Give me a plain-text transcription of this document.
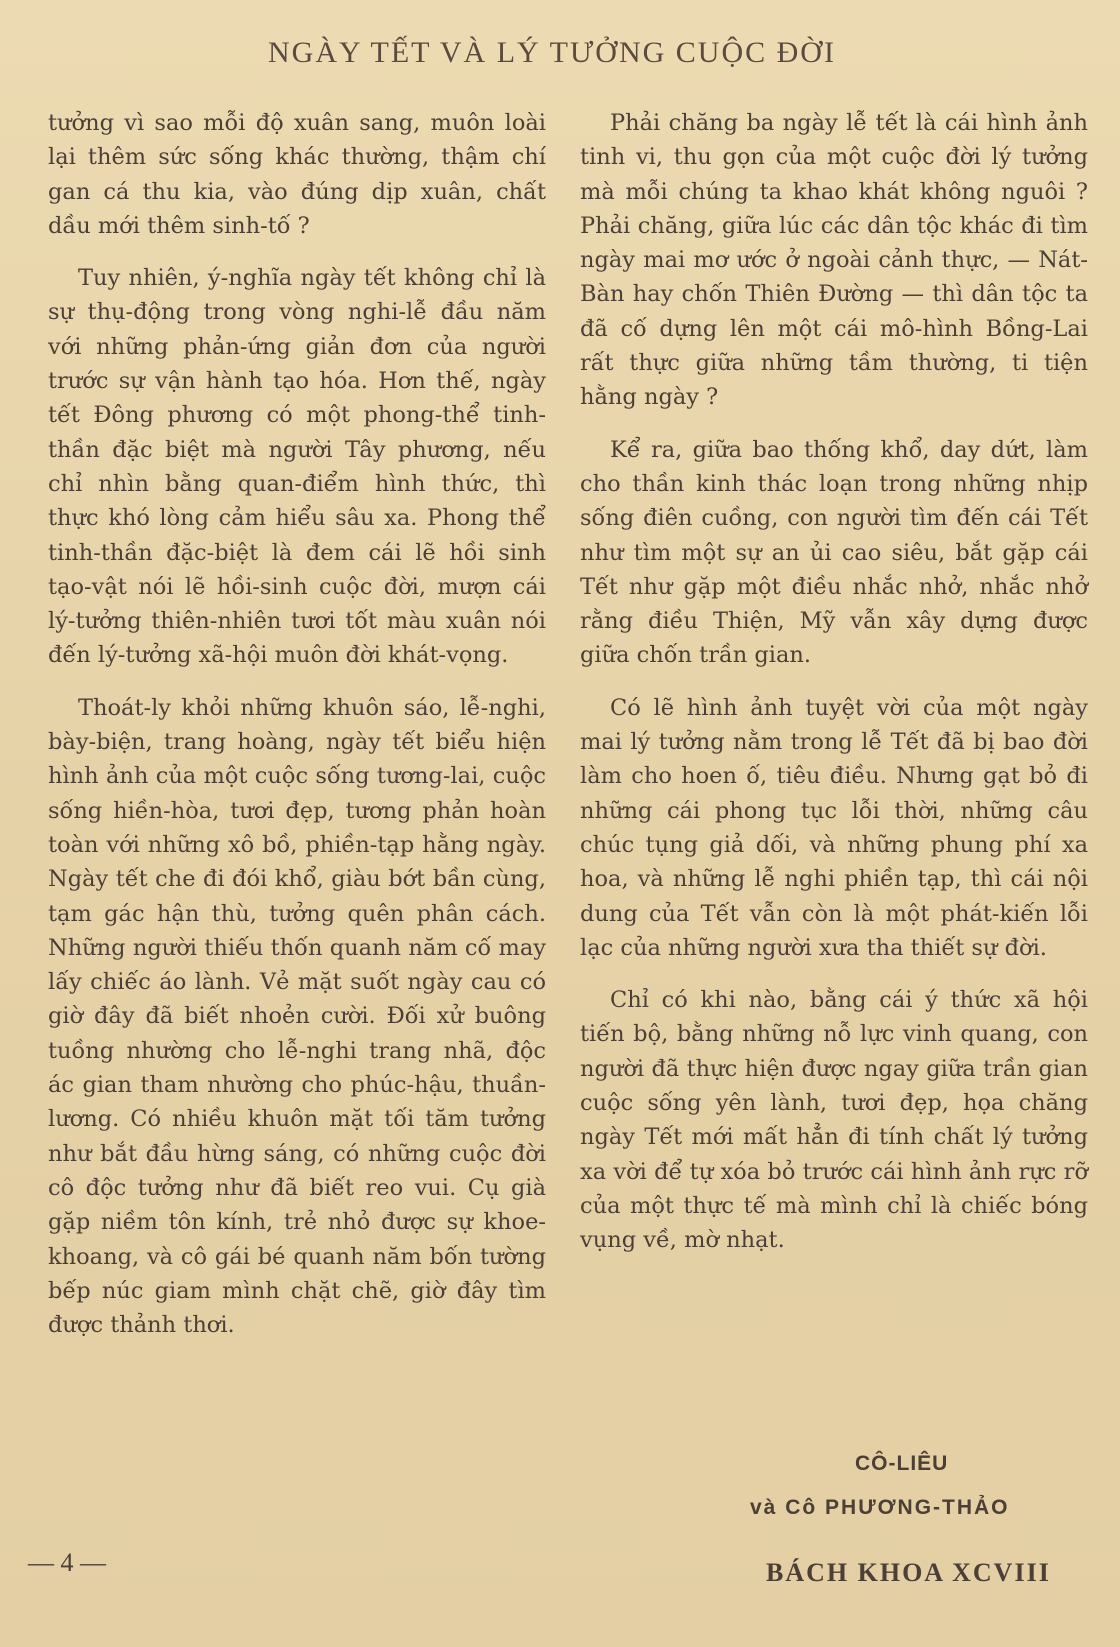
NGÀY TẾT VÀ LÝ TƯỞNG CUỘC ĐỜI

tưởng vì sao mỗi độ xuân sang, muôn loài lại thêm sức sống khác thường, thậm chí gan cá thu kia, vào đúng dịp xuân, chất dầu mới thêm sinh-tố ?

Tuy nhiên, ý-nghĩa ngày tết không chỉ là sự thụ-động trong vòng nghi-lễ đầu năm với những phản-ứng giản đơn của người trước sự vận hành tạo hóa. Hơn thế, ngày tết Đông phương có một phong-thể tinh-thần đặc biệt mà người Tây phương, nếu chỉ nhìn bằng quan-điểm hình thức, thì thực khó lòng cảm hiểu sâu xa. Phong thể tinh-thần đặc-biệt là đem cái lẽ hồi sinh tạo-vật nói lẽ hồi-sinh cuộc đời, mượn cái lý-tưởng thiên-nhiên tươi tốt màu xuân nói đến lý-tưởng xã-hội muôn đời khát-vọng.

Thoát-ly khỏi những khuôn sáo, lễ-nghi, bày-biện, trang hoàng, ngày tết biểu hiện hình ảnh của một cuộc sống tương-lai, cuộc sống hiền-hòa, tươi đẹp, tương phản hoàn toàn với những xô bồ, phiền-tạp hằng ngày. Ngày tết che đi đói khổ, giàu bớt bần cùng, tạm gác hận thù, tưởng quên phân cách. Những người thiếu thốn quanh năm cố may lấy chiếc áo lành. Vẻ mặt suốt ngày cau có giờ đây đã biết nhoẻn cười. Đối xử buông tuồng nhường cho lễ-nghi trang nhã, độc ác gian tham nhường cho phúc-hậu, thuần-lương. Có nhiều khuôn mặt tối tăm tưởng như bắt đầu hừng sáng, có những cuộc đời cô độc tưởng như đã biết reo vui. Cụ già gặp niềm tôn kính, trẻ nhỏ được sự khoe-khoang, và cô gái bé quanh năm bốn tường bếp núc giam mình chặt chẽ, giờ đây tìm được thảnh thơi.

Phải chăng ba ngày lễ tết là cái hình ảnh tinh vi, thu gọn của một cuộc đời lý tưởng mà mỗi chúng ta khao khát không nguôi ? Phải chăng, giữa lúc các dân tộc khác đi tìm ngày mai mơ ước ở ngoài cảnh thực, — Nát-Bàn hay chốn Thiên Đường — thì dân tộc ta đã cố dựng lên một cái mô-hình Bồng-Lai rất thực giữa những tầm thường, ti tiện hằng ngày ?

Kể ra, giữa bao thống khổ, day dứt, làm cho thần kinh thác loạn trong những nhịp sống điên cuồng, con người tìm đến cái Tết như tìm một sự an ủi cao siêu, bắt gặp cái Tết như gặp một điều nhắc nhở, nhắc nhở rằng điều Thiện, Mỹ vẫn xây dựng được giữa chốn trần gian.

Có lẽ hình ảnh tuyệt vời của một ngày mai lý tưởng nằm trong lễ Tết đã bị bao đời làm cho hoen ố, tiêu điều. Nhưng gạt bỏ đi những cái phong tục lỗi thời, những câu chúc tụng giả dối, và những phung phí xa hoa, và những lễ nghi phiền tạp, thì cái nội dung của Tết vẫn còn là một phát-kiến lỗi lạc của những người xưa tha thiết sự đời.

Chỉ có khi nào, bằng cái ý thức xã hội tiến bộ, bằng những nỗ lực vinh quang, con người đã thực hiện được ngay giữa trần gian cuộc sống yên lành, tươi đẹp, họa chăng ngày Tết mới mất hẳn đi tính chất lý tưởng xa vời để tự xóa bỏ trước cái hình ảnh rực rỡ của một thực tế mà mình chỉ là chiếc bóng vụng về, mờ nhạt.

CÔ-LIÊU
và Cô PHƯƠNG-THẢO
— 4 —	BÁCH KHOA XCVIII
